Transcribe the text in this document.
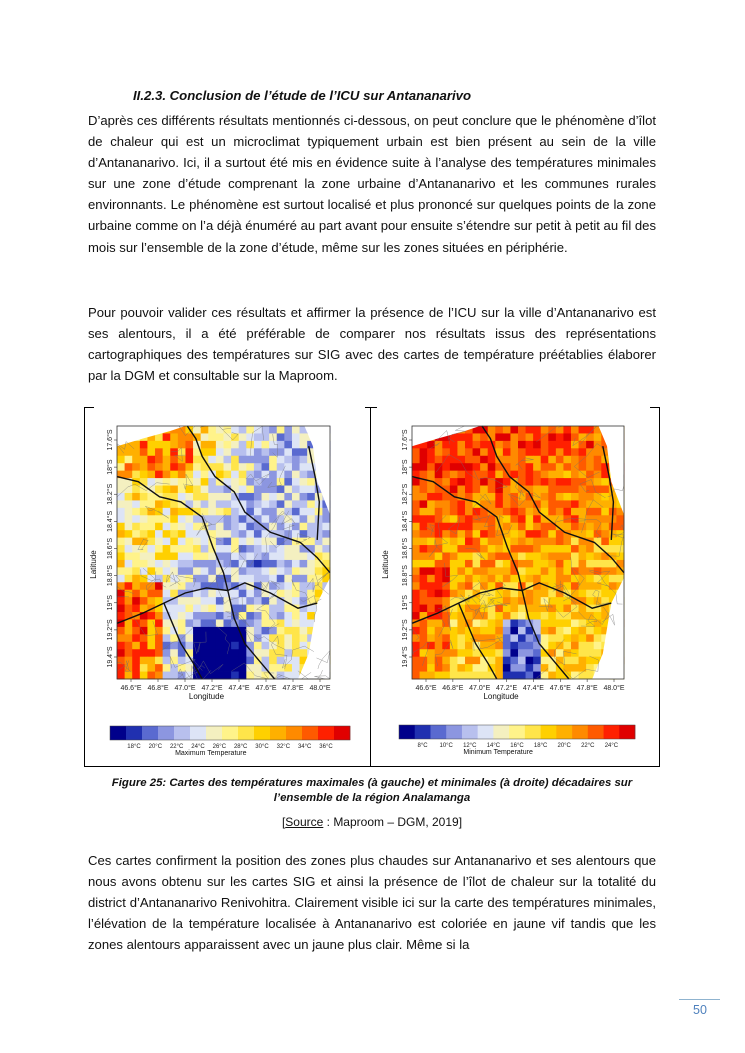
II.2.3. Conclusion de l’étude de l’ICU sur Antananarivo

D’après ces différents résultats mentionnés ci-dessous, on peut conclure que le phénomène d’îlot de chaleur qui est un microclimat typiquement urbain est bien présent au sein de la ville d’Antananarivo. Ici, il a surtout été mis en évidence suite à l’analyse des températures minimales sur une zone d’étude comprenant la zone urbaine d’Antananarivo et les communes rurales environnants. Le phénomène est surtout localisé et plus prononcé sur quelques points de la zone urbaine comme on l’a déjà énuméré au part avant pour ensuite s’étendre sur petit à petit au fil des mois sur l’ensemble de la zone d’étude, même sur les zones situées en périphérie.

Pour pouvoir valider ces résultats et affirmer la présence de l’ICU sur la ville d’Antananarivo est ses alentours, il a été préférable de comparer nos résultats issus des représentations cartographiques des températures sur SIG avec des cartes de température préétablies élaborer par la DGM et consultable sur la Maproom.

17.6°S
18°S
18.2°S
18.4°S
18.6°S
18.8°S
19°S
19.2°S
19.4°S
Latitude
46.6°E 46.8°E 47.0°E 47.2°E 47.4°E 47.6°E 47.8°E 48.0°E
Longitude
18°C 20°C 22°C 24°C 26°C 28°C 30°C 32°C 34°C 36°C
Maximum Temperature
17.6°S
18°S
18.2°S
18.4°S
18.6°S
18.8°S
19°S
19.2°S
19.4°S
Latitude
46.6°E 46.8°E 47.0°E 47.2°E 47.4°E 47.6°E 47.8°E 48.0°E
Longitude
8°C 10°C 12°C 14°C 16°C 18°C 20°C 22°C 24°C
Minimum Temperature
Figure 25: Cartes des températures maximales (à gauche) et minimales (à droite) décadaires sur
l’ensemble de la région Analamanga
[Source : Maproom – DGM, 2019]

Ces cartes confirment la position des zones plus chaudes sur Antananarivo et ses alentours que nous avons obtenu sur les cartes SIG et ainsi la présence de l’îlot de chaleur sur la totalité du district d’Antananarivo Renivohitra. Clairement visible ici sur la carte des températures minimales, l’élévation de la température localisée à Antananarivo est coloriée en jaune vif tandis que les zones alentours apparaissent avec un jaune plus clair. Même si la

50
